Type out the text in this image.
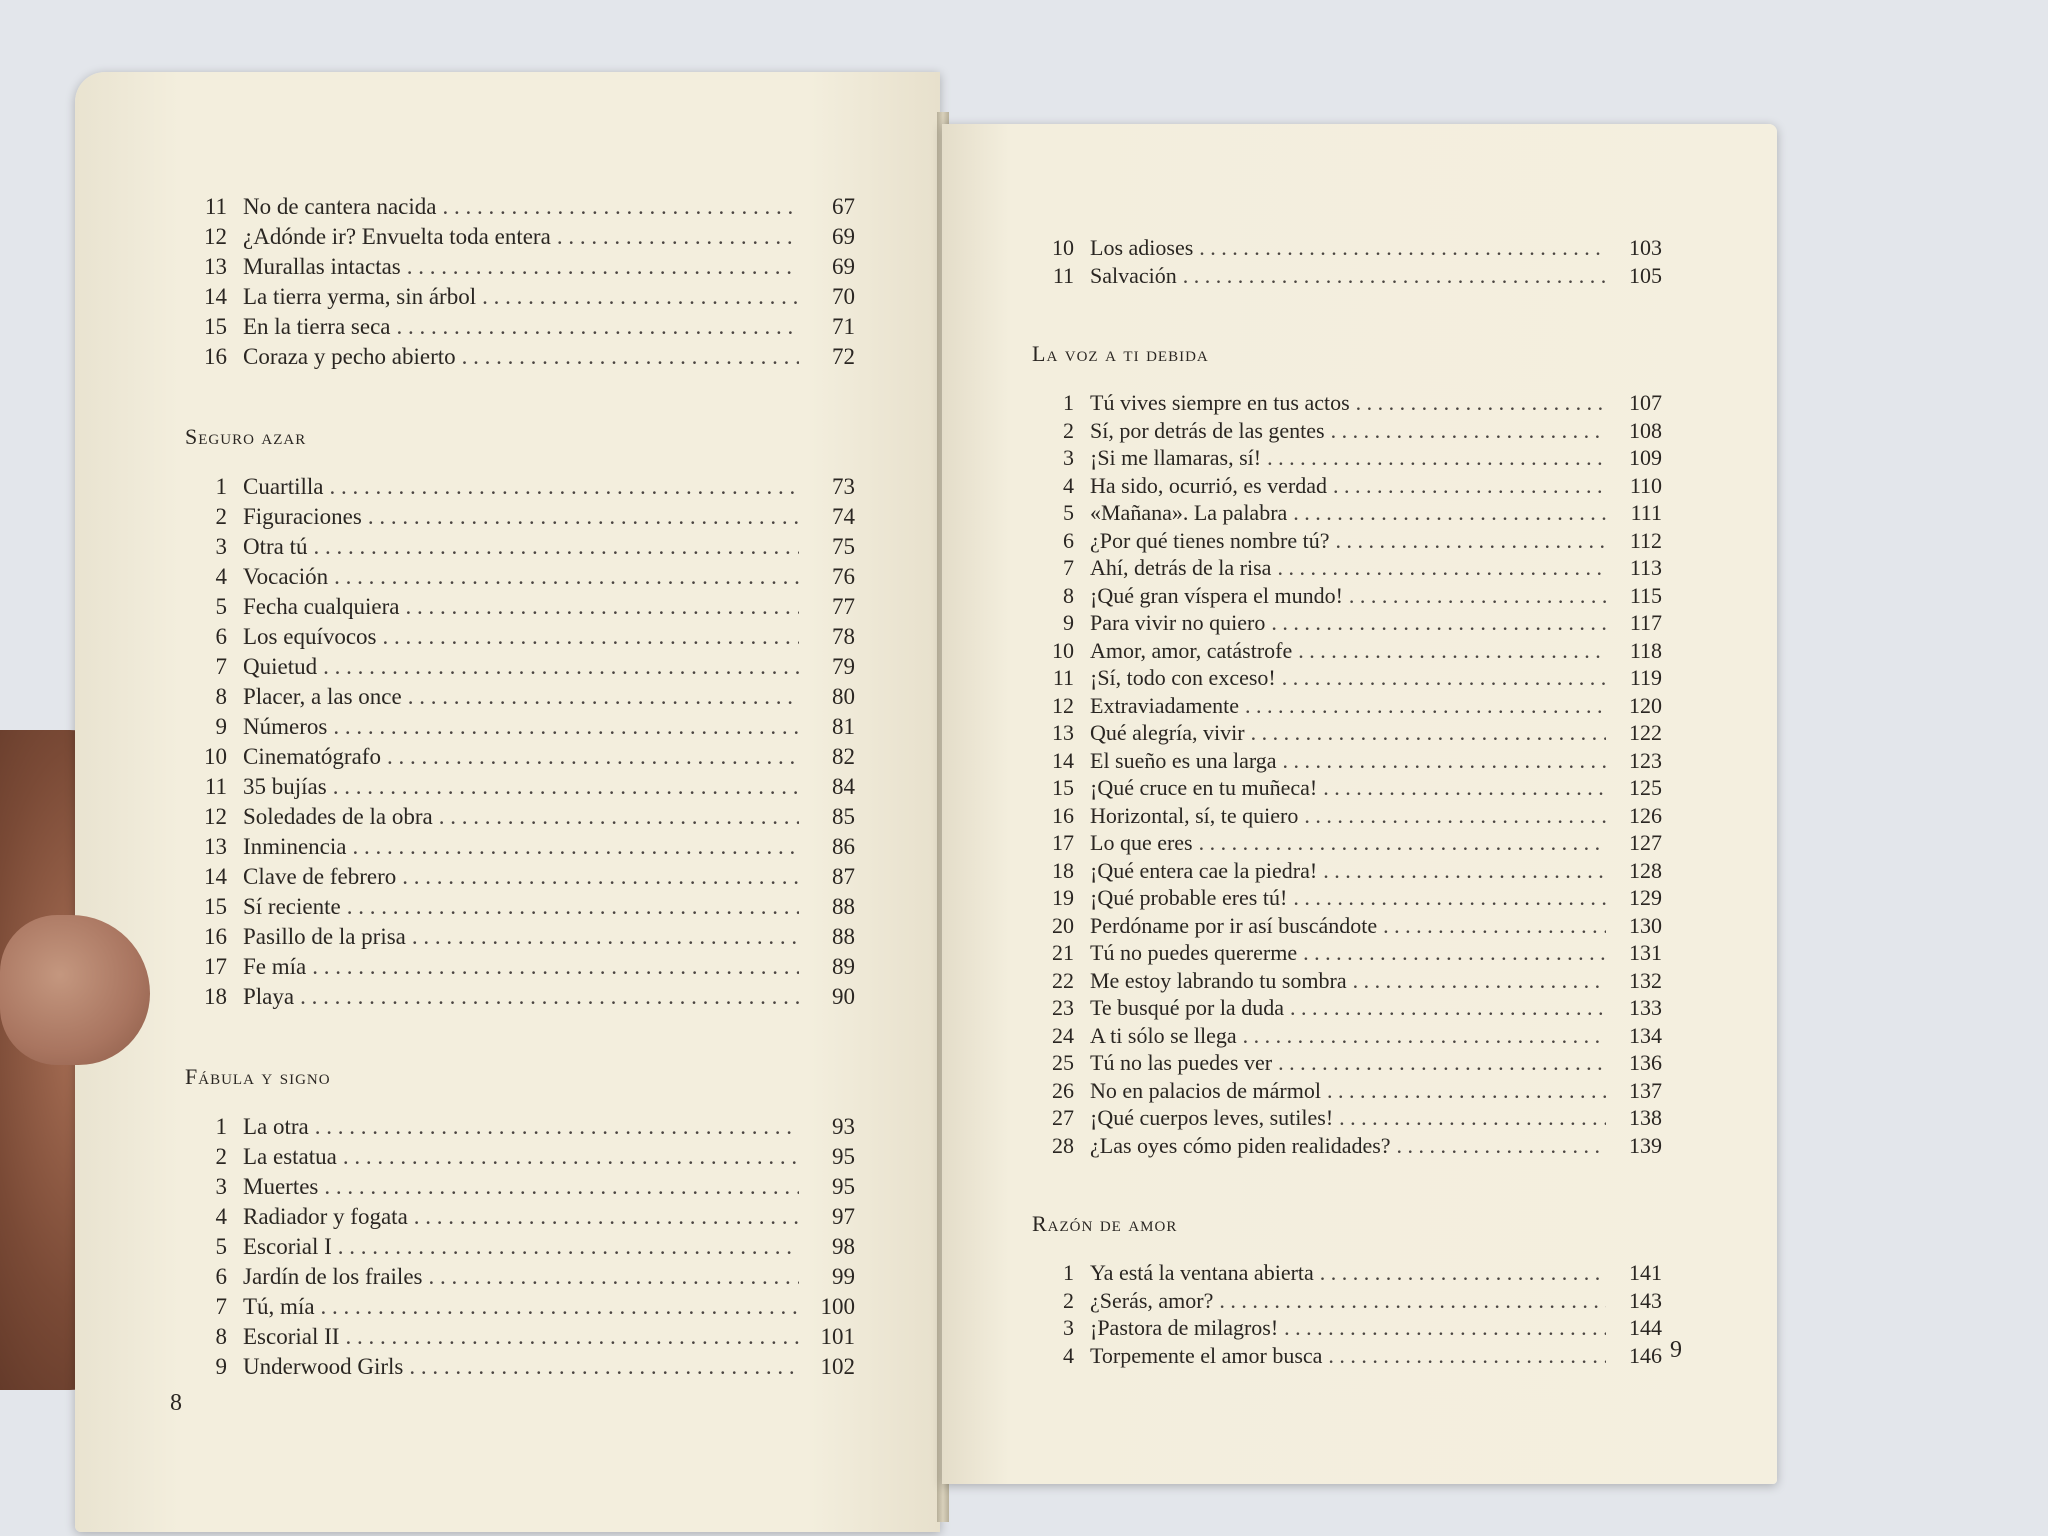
11 No de cantera nacida . . .	67
12 ¿Adónde ir? Envuelta toda entera . . .	69
13 Murallas intactas . . .	69
14 La tierra yerma, sin árbol . . .	70
15 En la tierra seca . . .	71
16 Coraza y pecho abierto . . .	72
Seguro azar
1 Cuartilla . . .	73
2 Figuraciones . . .	74
3 Otra tú . . .	75
4 Vocación . . .	76
5 Fecha cualquiera . . .	77
6 Los equívocos . . .	78
7 Quietud . . .	79
8 Placer, a las once . . .	80
9 Números . . .	81
10 Cinematógrafo . . .	82
11 35 bujías . . .	84
12 Soledades de la obra . . .	85
13 Inminencia . . .	86
14 Clave de febrero . . .	87
15 Sí reciente . . .	88
16 Pasillo de la prisa . . .	88
17 Fe mía . . .	89
18 Playa . . .	90
Fábula y signo
1 La otra . . .	93
2 La estatua . . .	95
3 Muertes . . .	95
4 Radiador y fogata . . .	97
5 Escorial I . . .	98
6 Jardín de los frailes . . .	99
7 Tú, mía . . .	100
8 Escorial II . . .	101
9 Underwood Girls . . .	102
8
10 Los adioses . . .	103
11 Salvación . . .	105
La voz a ti debida
1 Tú vives siempre en tus actos . . .	107
2 Sí, por detrás de las gentes . . .	108
3 ¡Si me llamaras, sí! . . .	109
4 Ha sido, ocurrió, es verdad . . .	110
5 «Mañana». La palabra . . .	111
6 ¿Por qué tienes nombre tú? . . .	112
7 Ahí, detrás de la risa . . .	113
8 ¡Qué gran víspera el mundo! . . .	115
9 Para vivir no quiero . . .	117
10 Amor, amor, catástrofe . . .	118
11 ¡Sí, todo con exceso! . . .	119
12 Extraviadamente . . .	120
13 Qué alegría, vivir . . .	122
14 El sueño es una larga . . .	123
15 ¡Qué cruce en tu muñeca! . . .	125
16 Horizontal, sí, te quiero . . .	126
17 Lo que eres . . .	127
18 ¡Qué entera cae la piedra! . . .	128
19 ¡Qué probable eres tú! . . .	129
20 Perdóname por ir así buscándote . . .	130
21 Tú no puedes quererme . . .	131
22 Me estoy labrando tu sombra . . .	132
23 Te busqué por la duda . . .	133
24 A ti sólo se llega . . .	134
25 Tú no las puedes ver . . .	136
26 No en palacios de mármol . . .	137
27 ¡Qué cuerpos leves, sutiles! . . .	138
28 ¿Las oyes cómo piden realidades? . . .	139
Razón de amor
1 Ya está la ventana abierta . . .	141
2 ¿Serás, amor? . . .	143
3 ¡Pastora de milagros! . . .	144
4 Torpemente el amor busca . . .	146 9
